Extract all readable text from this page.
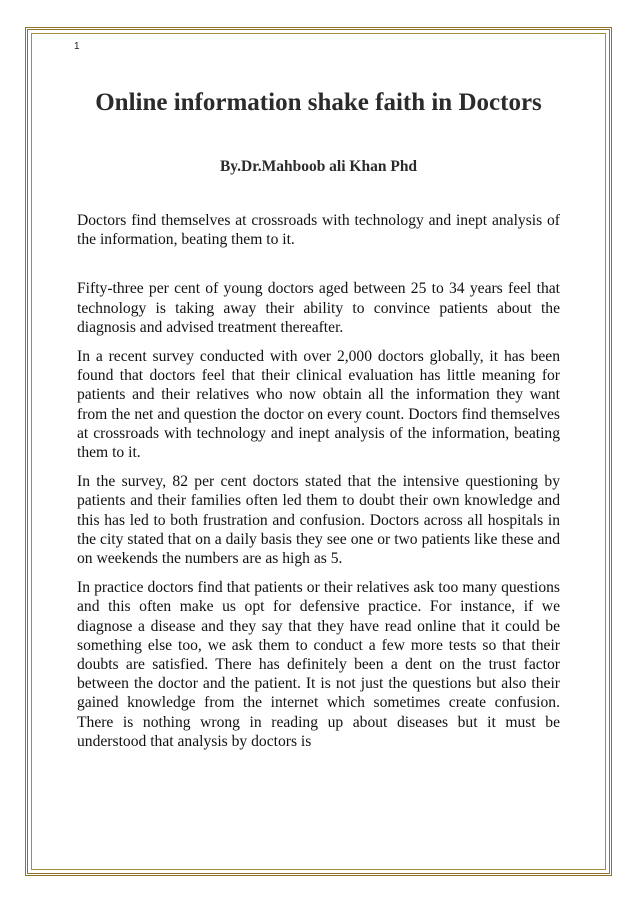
1
Online information shake faith in Doctors
By.Dr.Mahboob ali Khan Phd

Doctors find themselves at crossroads with technology and inept analysis of the information, beating them to it.

Fifty-three per cent of young doctors aged between 25 to 34 years feel that technology is taking away their ability to convince patients about the diagnosis and advised treatment thereafter.

In a recent survey conducted with over 2,000 doctors globally, it has been found that doctors feel that their clinical evaluation has little meaning for patients and their relatives who now obtain all the information they want from the net and question the doctor on every count. Doctors find themselves at crossroads with technology and inept analysis of the information, beating them to it.

In the survey, 82 per cent doctors stated that the intensive questioning by patients and their families often led them to doubt their own knowledge and this has led to both frustration and confusion. Doctors across all hospitals in the city stated that on a daily basis they see one or two patients like these and on weekends the numbers are as high as 5.

In practice doctors find that patients or their relatives ask too many questions and this often make us opt for defensive practice. For instance, if we diagnose a disease and they say that they have read online that it could be something else too, we ask them to conduct a few more tests so that their doubts are satisfied. There has definitely been a dent on the trust factor between the doctor and the patient. It is not just the questions but also their gained knowledge from the internet which sometimes create confusion. There is nothing wrong in reading up about diseases but it must be understood that analysis by doctors is
